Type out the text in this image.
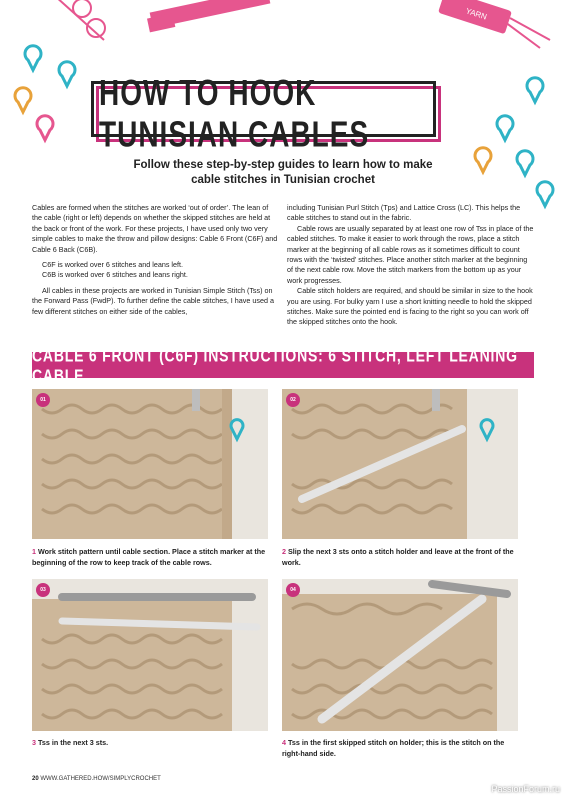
YARN
HOW TO HOOK TUNISIAN CABLES
Follow these step-by-step guides to learn how to make
cable stitches in Tunisian crochet

Cables are formed when the stitches are worked ‘out of order’. The lean of the cable (right or left) depends on whether the skipped stitches are held at the back or front of the work. For these projects, I have used only two very simple cables to make the throw and pillow designs: Cable 6 Front (C6F) and Cable 6 Back (C6B).

C6F is worked over 6 stitches and leans left.

C6B is worked over 6 stitches and leans right.

All cables in these projects are worked in Tunisian Simple Stitch (Tss) on the Forward Pass (FwdP). To further define the cable stitches, I have used a few different stitches on either side of the cables,

including Tunisian Purl Stitch (Tps) and Lattice Cross (LC). This helps the cable stitches to stand out in the fabric.

Cable rows are usually separated by at least one row of Tss in place of the cabled stitches. To make it easier to work through the rows, place a stitch marker at the beginning of all cable rows as it sometimes difficult to count rows with the ‘twisted’ stitches. Place another stitch marker at the beginning of the next cable row. Move the stitch markers from the bottom up as your work progresses.

Cable stitch holders are required, and should be similar in size to the hook you are using. For bulky yarn I use a short knitting needle to hold the skipped stitches. Make sure the pointed end is facing to the right so you can work off the skipped stitches onto the hook.

CABLE 6 FRONT (C6F) INSTRUCTIONS: 6 STITCH, LEFT LEANING CABLE
01	02
1 Work stitch pattern until cable section. Place a stitch marker at the beginning of the row to keep track of the cable rows.
2 Slip the next 3 sts onto a stitch holder and leave at the front of the work.
03	04
3 Tss in the next 3 sts.	4 Tss in the first skipped stitch on holder; this is the stitch on the right-hand side.
20 WWW.GATHERED.HOW/SIMPLYCROCHET
PassionForum.ru
